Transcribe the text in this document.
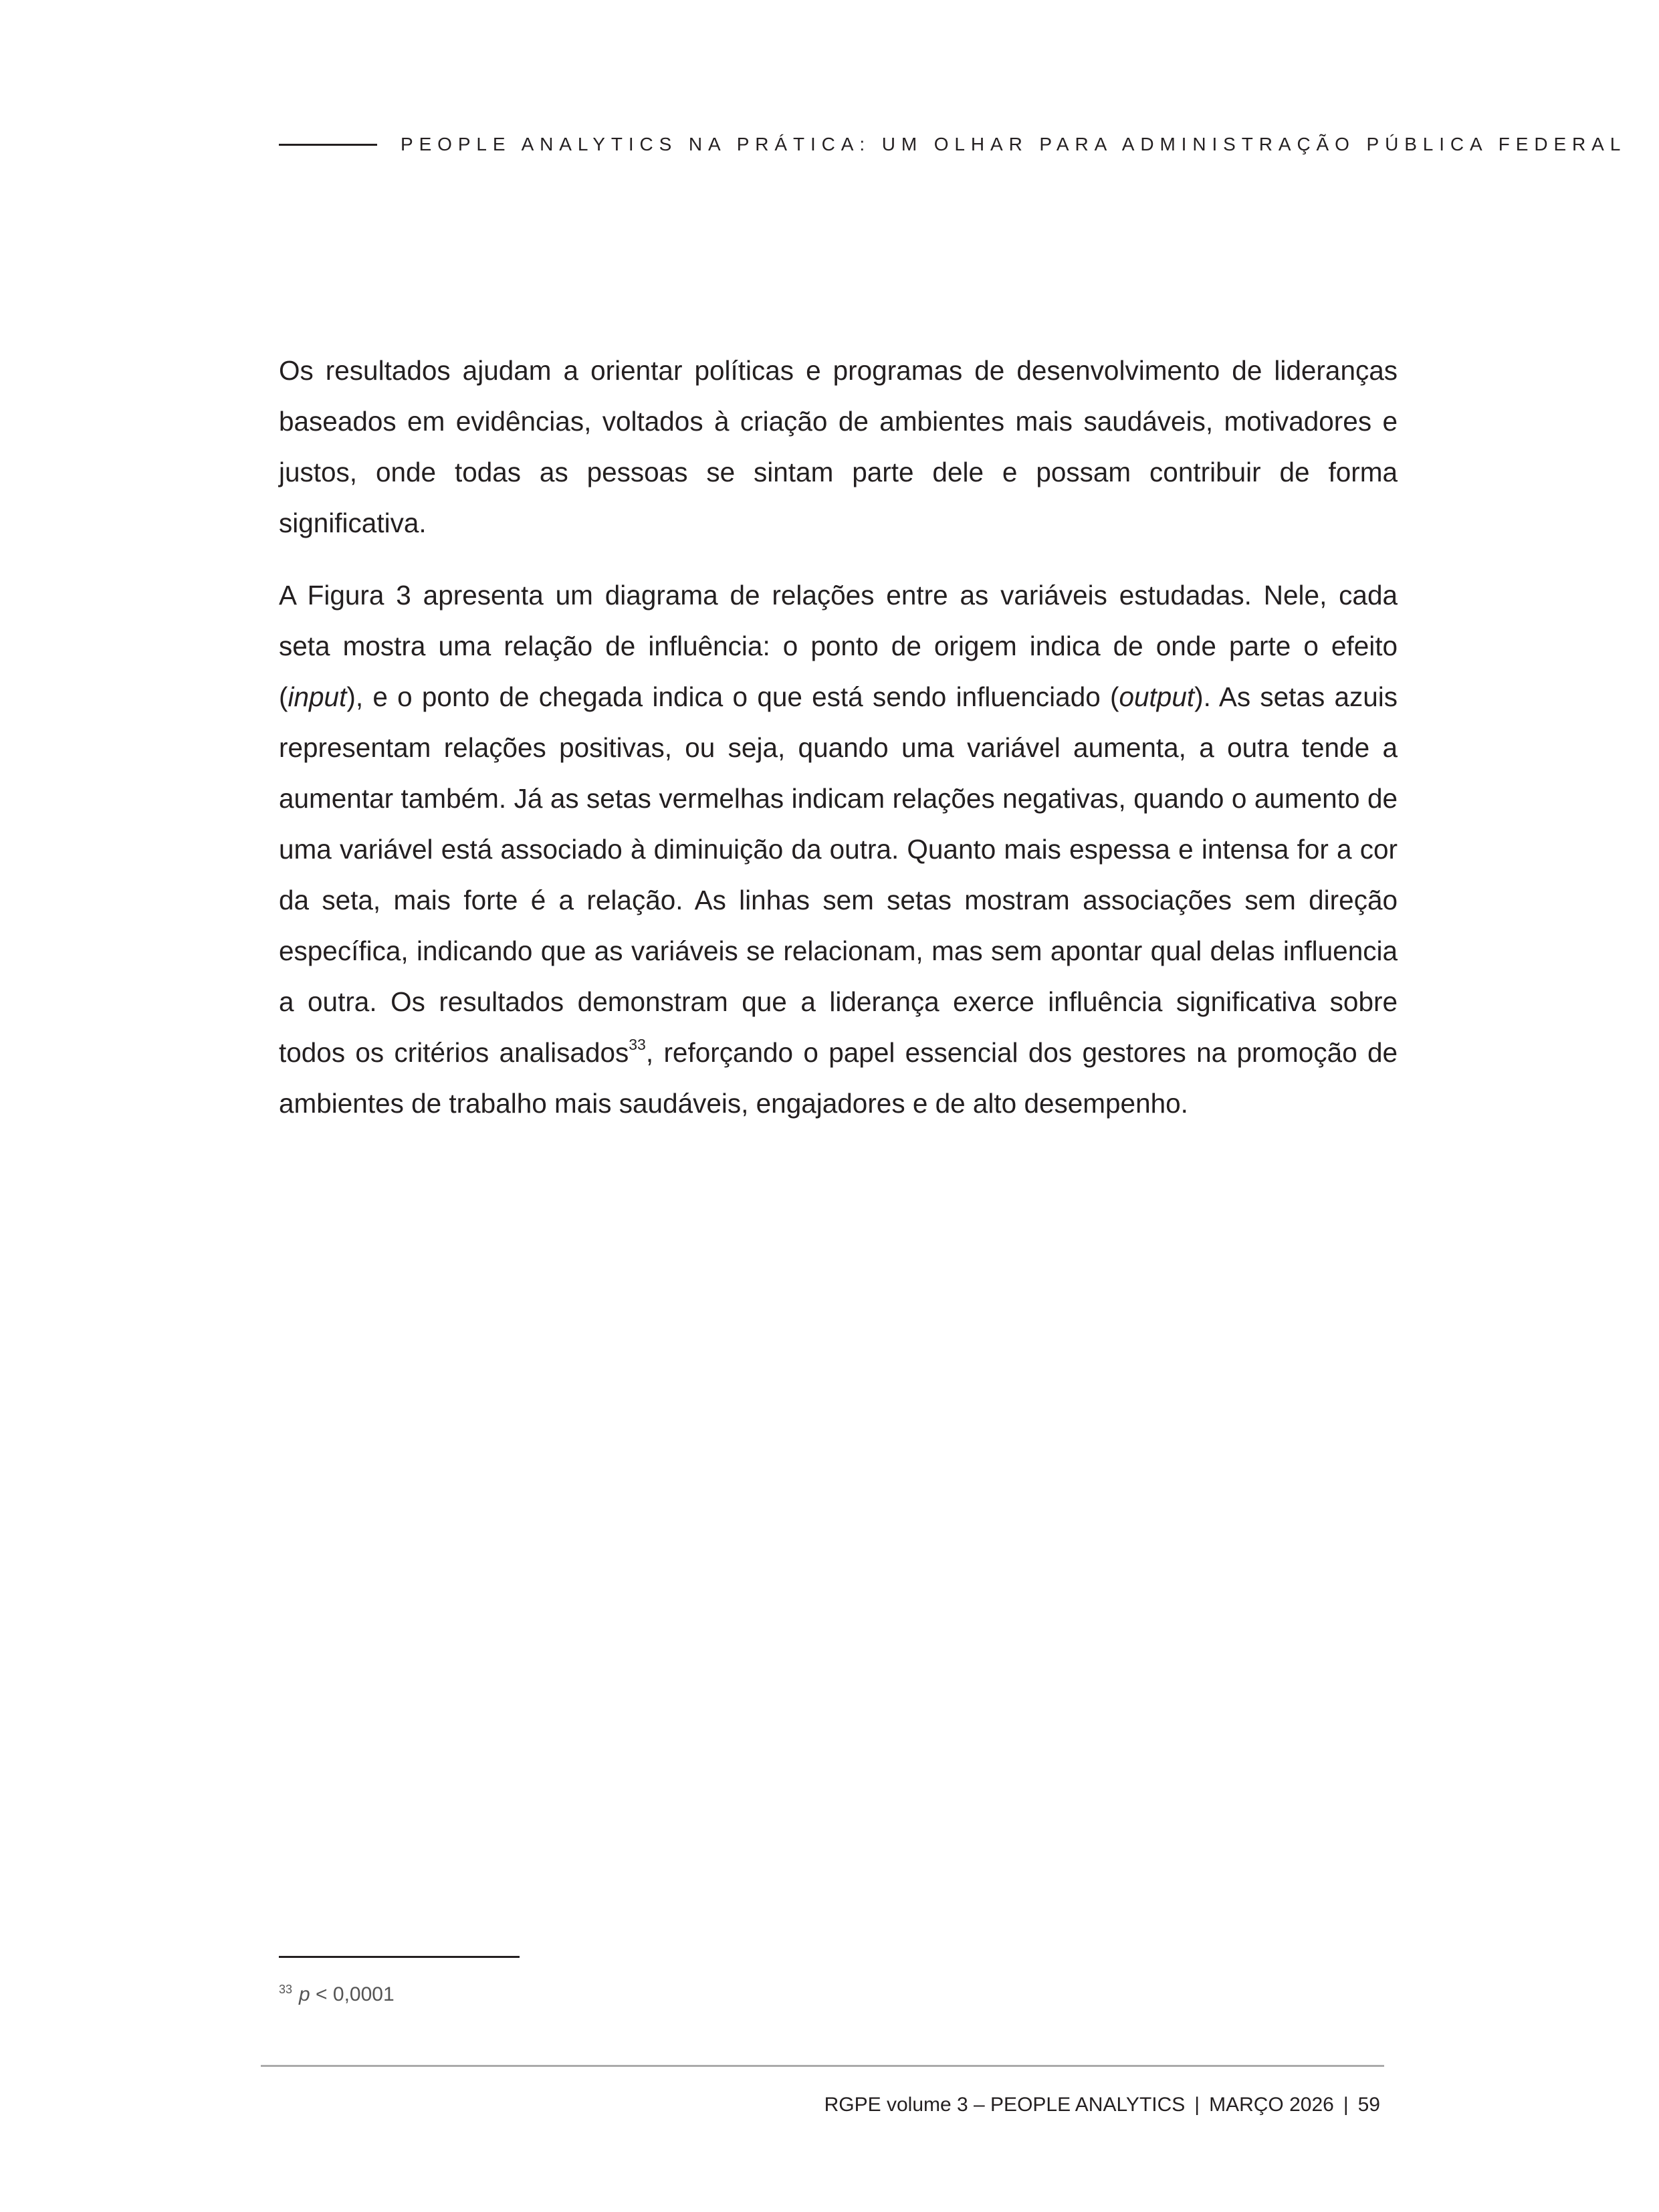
PEOPLE ANALYTICS NA PRÁTICA: UM OLHAR PARA ADMINISTRAÇÃO PÚBLICA FEDERAL

Os resultados ajudam a orientar políticas e programas de desenvolvimento de lideranças baseados em evidências, voltados à criação de ambientes mais saudáveis, motivadores e justos, onde todas as pessoas se sintam parte dele e possam contribuir de forma significativa.

A Figura 3 apresenta um diagrama de relações entre as variáveis estudadas. Nele, cada seta mostra uma relação de influência: o ponto de origem indica de onde parte o efeito (input), e o ponto de chegada indica o que está sendo influenciado (output). As setas azuis representam relações positivas, ou seja, quando uma variável aumenta, a outra tende a aumentar também. Já as setas vermelhas indicam relações negativas, quando o aumento de uma variável está associado à diminuição da outra. Quanto mais espessa e intensa for a cor da seta, mais forte é a relação. As linhas sem setas mostram associações sem direção específica, indicando que as variáveis se relacionam, mas sem apontar qual delas influencia a outra. Os resultados demonstram que a liderança exerce influência significativa sobre todos os critérios analisados$^{33}$, reforçando o papel essencial dos gestores na promoção de ambientes de trabalho mais saudáveis, engajadores e de alto desempenho.

$^{33}$ p < 0,0001
RGPE volume 3 – PEOPLE ANALYTICS | MARÇO 2026 | 59
